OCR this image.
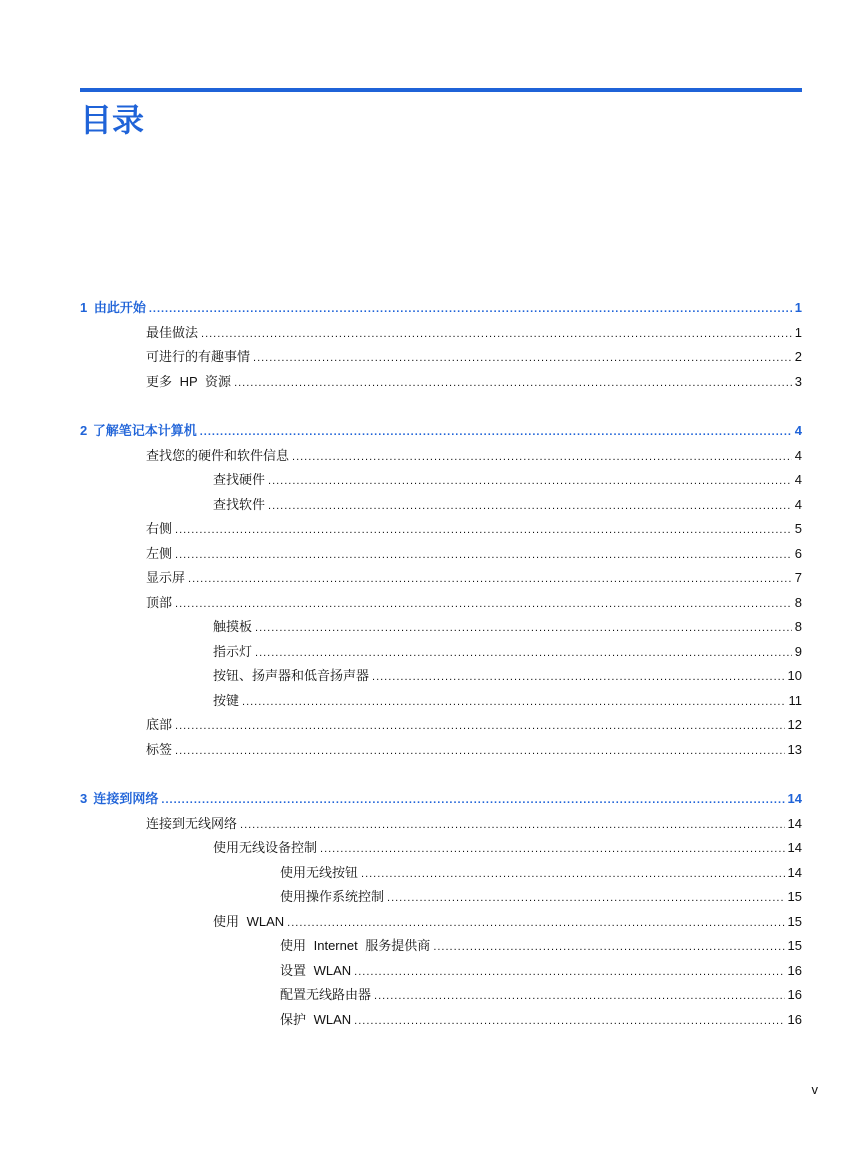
目录
1 由此开始 .....	1
最佳做法 .....	1
可进行的有趣事情 .....	2
更多 HP 资源 .....	3
2 了解笔记本计算机 .....	4
查找您的硬件和软件信息 .....	4
查找硬件 .....	4
查找软件 .....	4
右侧 .....	5
左侧 .....	6
显示屏 .....	7
顶部 .....	8
触摸板 .....	8
指示灯 .....	9
按钮、扬声器和低音扬声器 .....	10
按键 .....	11
底部 .....	12
标签 .....	13
3 连接到网络 .....	14
连接到无线网络 .....	14
使用无线设备控制 .....	14
使用无线按钮 .....	14
使用操作系统控制 .....	15
使用 WLAN .....	15
使用 Internet 服务提供商 .....	15
设置 WLAN .....	16
配置无线路由器 .....	16
保护 WLAN .....	16
v
